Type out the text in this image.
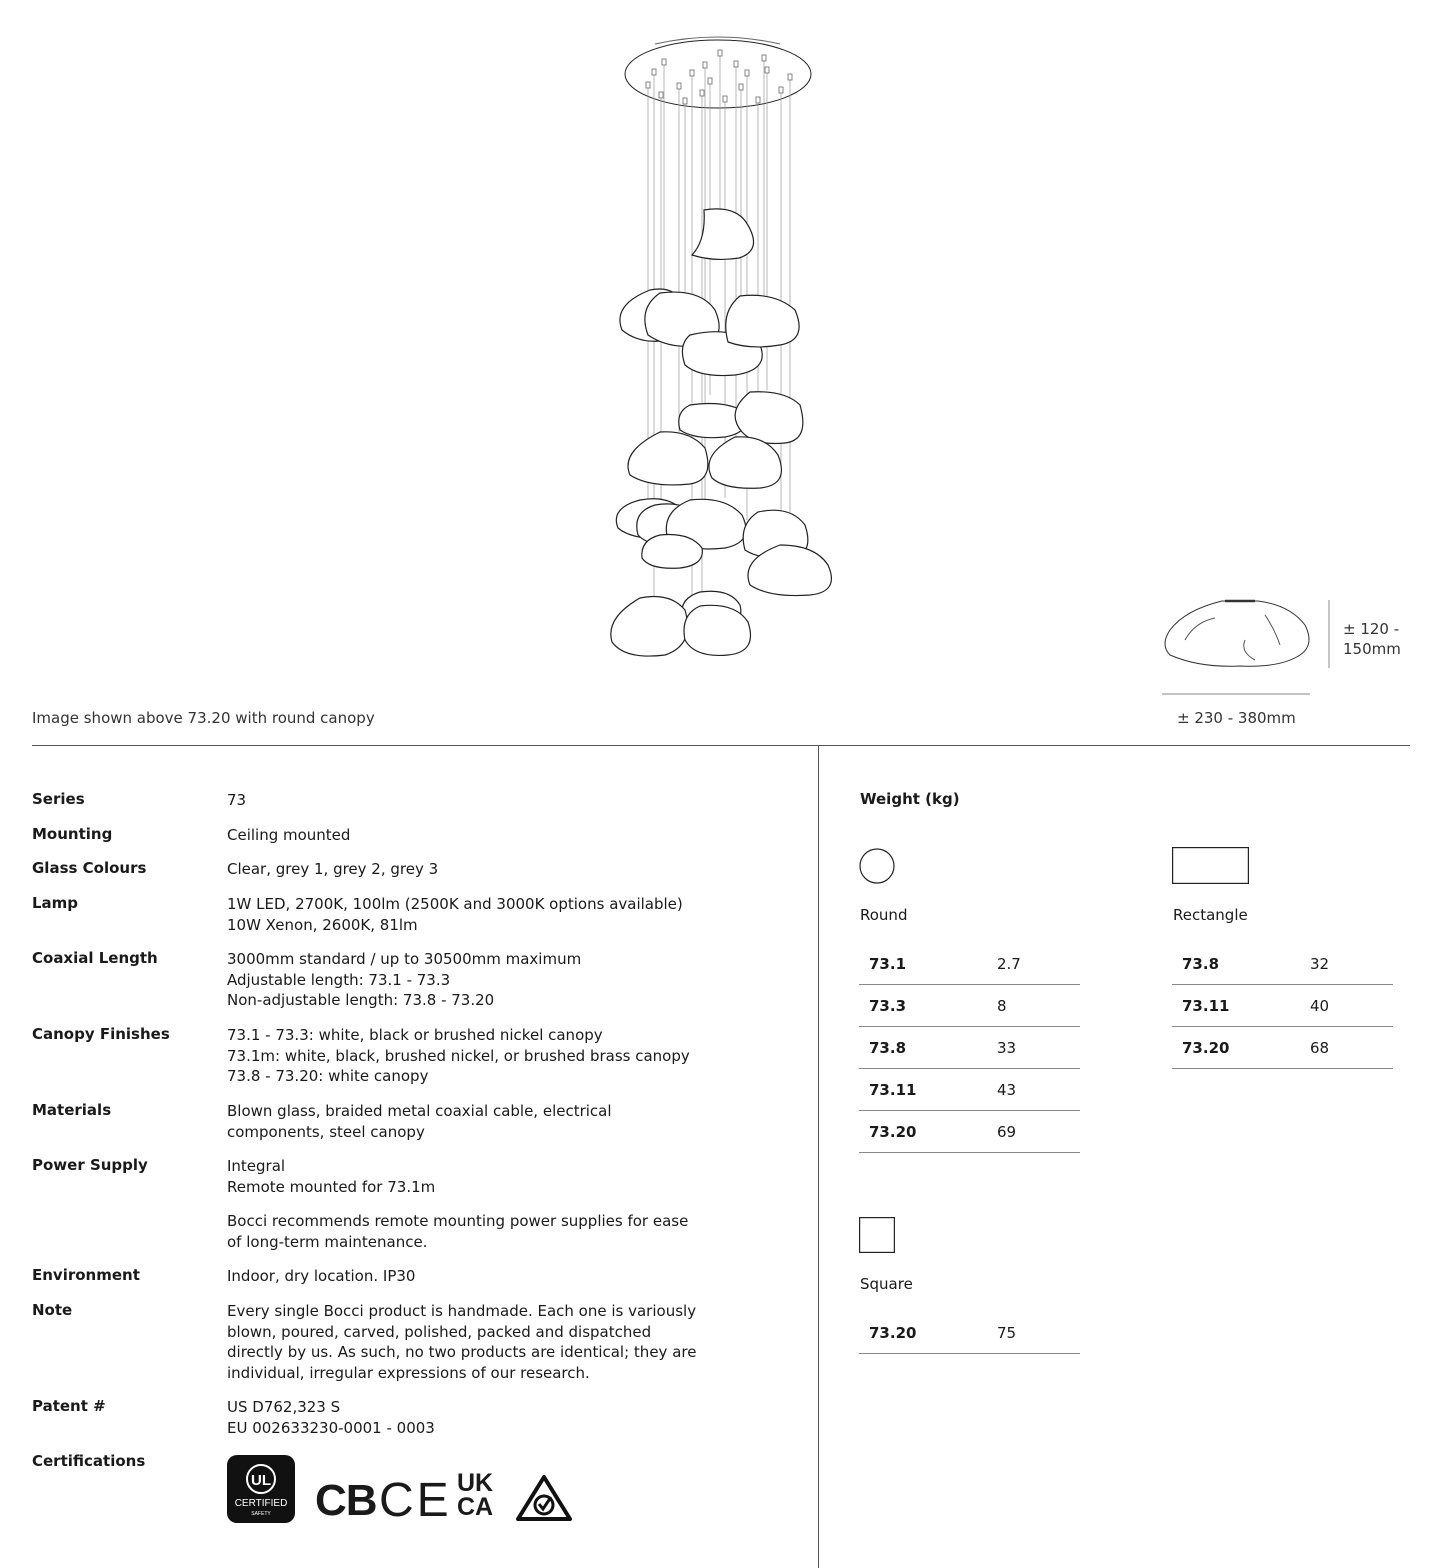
± 120 -
150mm
± 230 - 380mm
Image shown above 73.20 with round canopy
Series	73
Mounting	Ceiling mounted
Glass Colours	Clear, grey 1, grey 2, grey 3
Lamp	1W LED, 2700K, 100lm (2500K and 3000K options available)
10W Xenon, 2600K, 81lm
Coaxial Length	3000mm standard / up to 30500mm maximum
Adjustable length: 73.1 - 73.3
Non-adjustable length: 73.8 - 73.20
Canopy Finishes	73.1 - 73.3: white, black or brushed nickel canopy
73.1m: white, black, brushed nickel, or brushed brass canopy
73.8 - 73.20: white canopy
Materials	Blown glass, braided metal coaxial cable, electrical
components, steel canopy
Power Supply	Integral
Remote mounted for 73.1m
Bocci recommends remote mounting power supplies for ease
of long-term maintenance.
Environment	Indoor, dry location. IP30
Note	Every single Bocci product is handmade. Each one is variously
blown, poured, carved, polished, packed and dispatched
directly by us. As such, no two products are identical; they are
individual, irregular expressions of our research.
Patent #	US D762,323 S
EU 002633230-0001 - 0003
Certifications
UL
CERTIFIED
SAFETY CB CE UK
CA
Weight (kg)
Round
73.1	2.7
73.3	8
73.8	33
73.11	43
73.20	69
Rectangle
73.8	32
73.11	40
73.20	68
Square
73.20	75
